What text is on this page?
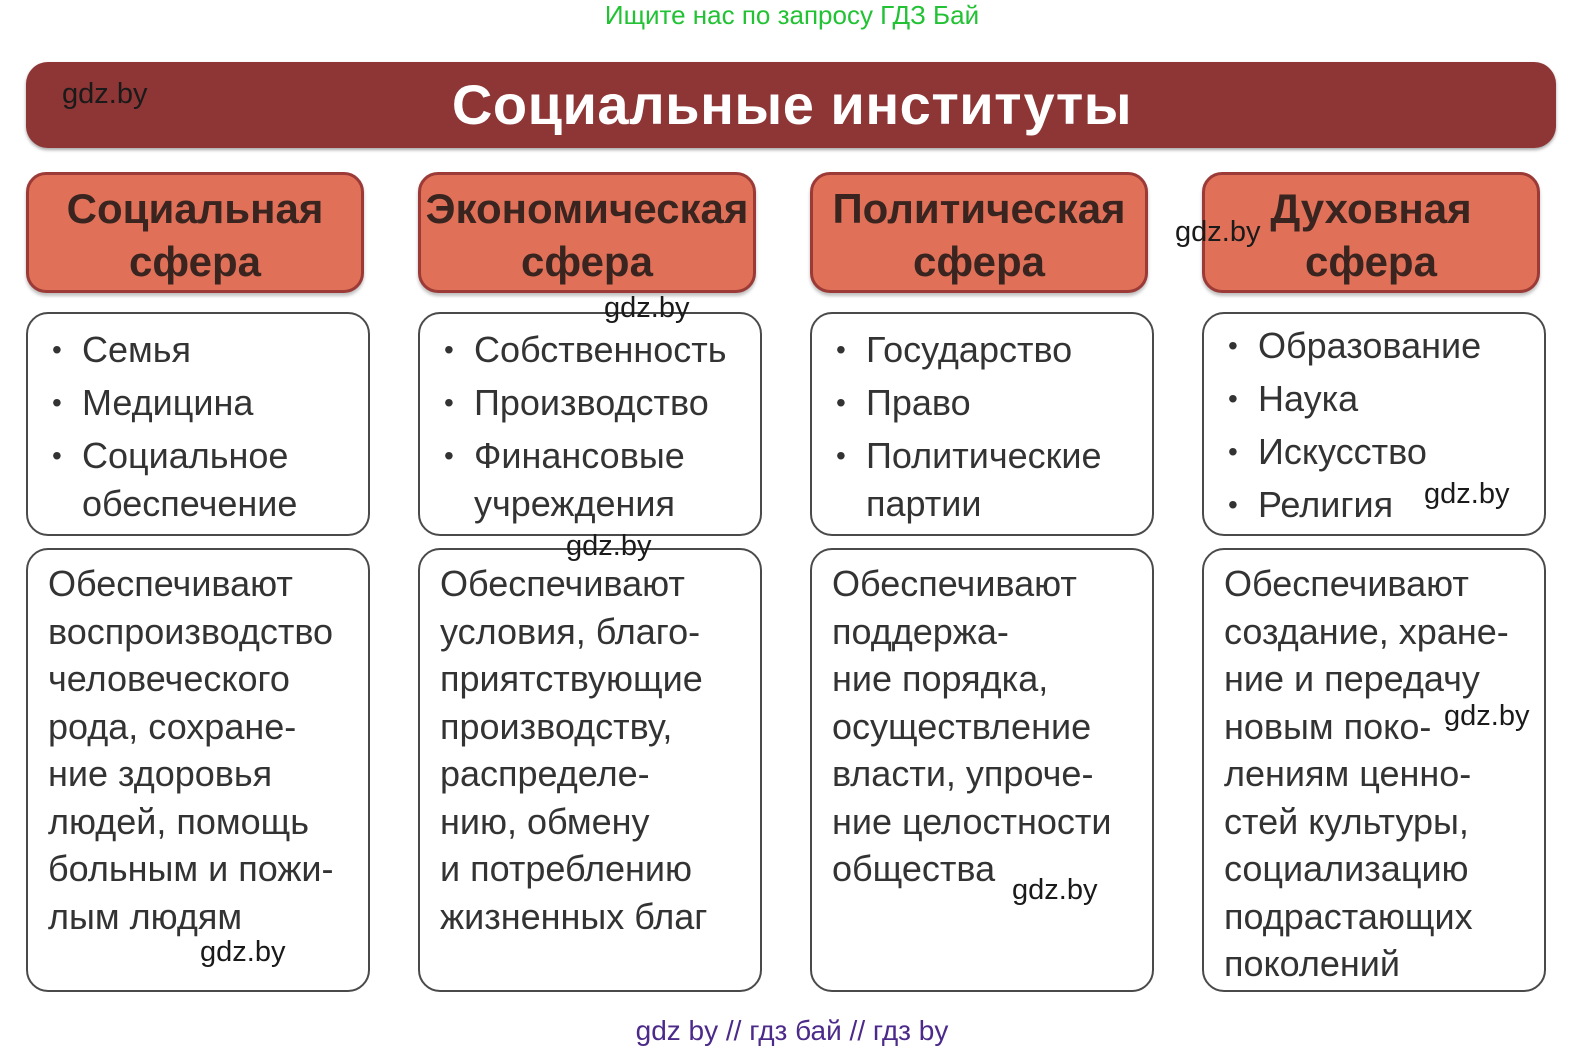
Ищите нас по запросу ГДЗ Бай
Социальные институты
Социальная
сфера
• Семья
• Медицина
• Социальное обеспечение

Обеспечивают
воспроизводство
человеческого
рода, сохране-
ние здоровья
людей, помощь
больным и пожи-
лым людям

Экономическая
сфера
• Собственность
• Производство
• Финансовые учреждения

Обеспечивают
условия, благо-
приятствующие
производству,
распределе-
нию, обмену
и потреблению
жизненных благ

Политическая
сфера
• Государство
• Право
• Политические партии

Обеспечивают
поддержа-
ние порядка,
осуществление
власти, упроче-
ние целостности
общества

Духовная
сфера
• Образование
• Наука
• Искусство
• Религия

Обеспечивают
создание, хране-
ние и передачу
новым поко-
лениям ценно-
стей культуры,
социализацию
подрастающих
поколений

gdz.by
gdz.by
gdz.by
gdz.by
gdz.by
gdz.by
gdz.by
gdz.by
gdz by // гдз бай // гдз by
